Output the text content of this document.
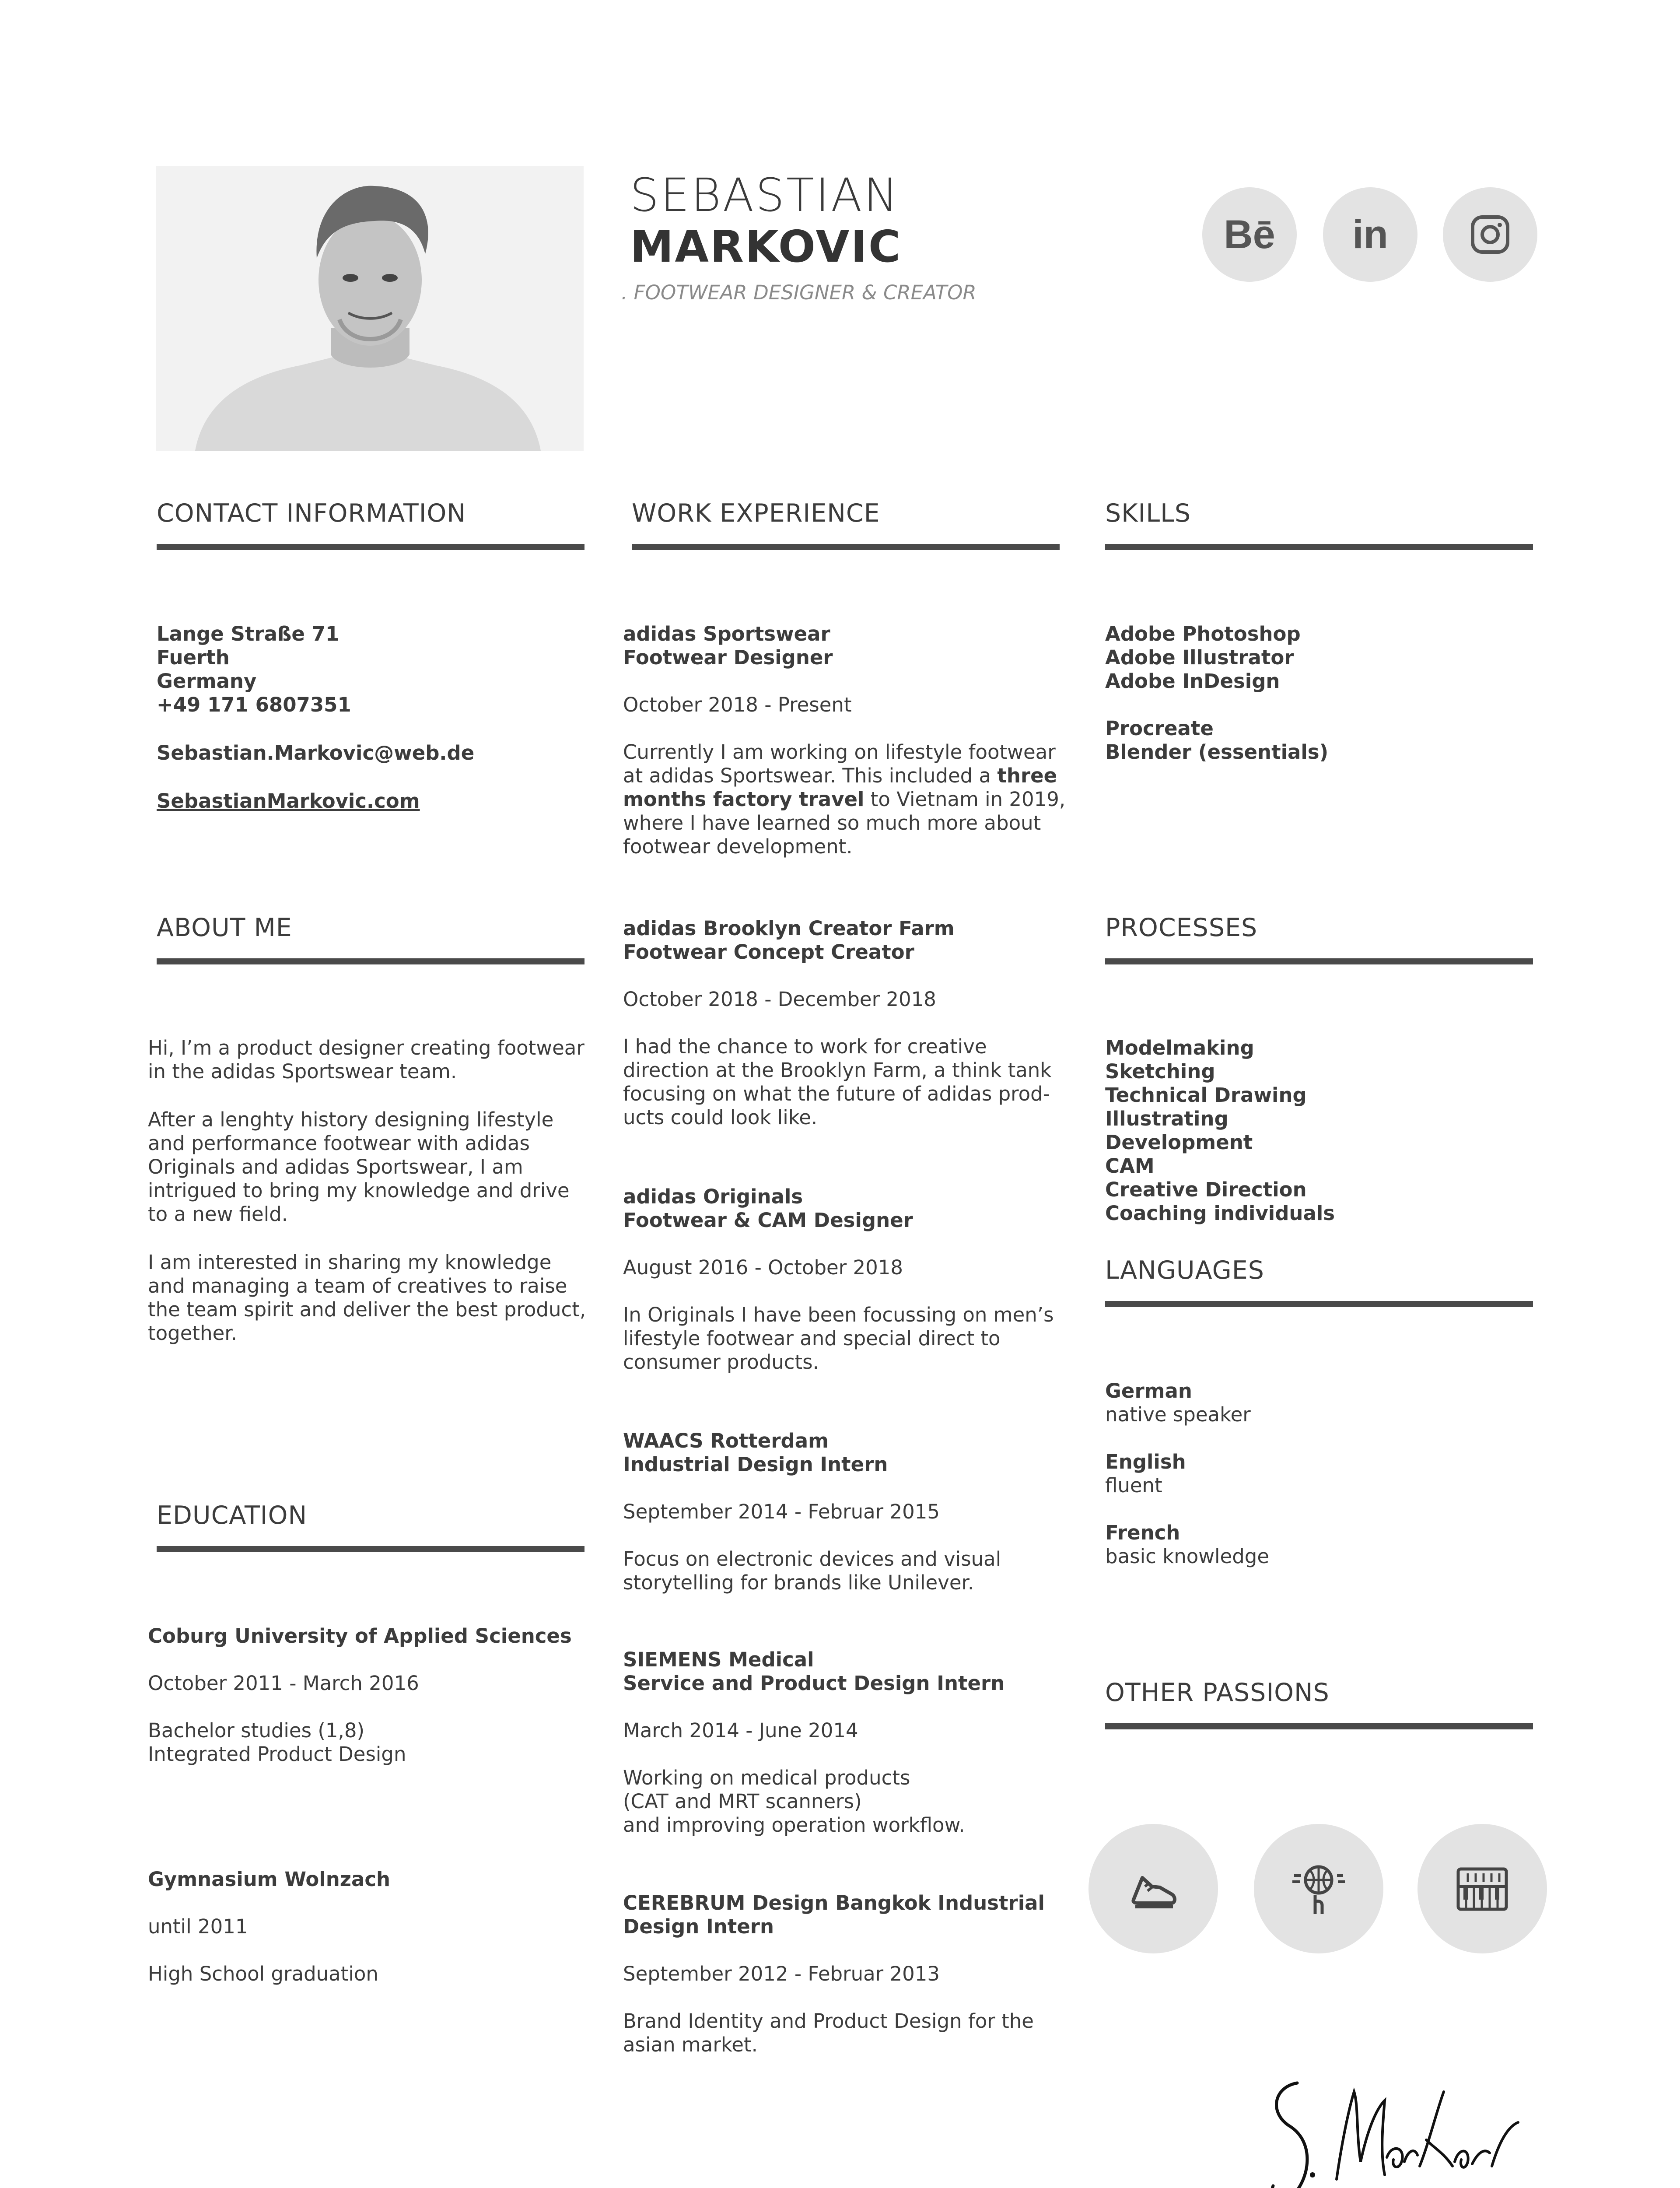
SEBASTIAN
MARKOVIC
. FOOTWEAR DESIGNER & CREATOR
Bē in
CONTACT INFORMATION

Lange Straße 71

Fuerth

Germany

+49 171 6807351

Sebastian.Markovic@web.de
SebastianMarkovic.com
ABOUT ME

Hi, I’m a product designer creating footwear

in the adidas Sportswear team.

After a lenghty history designing lifestyle

and performance footwear with adidas

Originals and adidas Sportswear, I am

intrigued to bring my knowledge and drive

to a new field.

I am interested in sharing my knowledge

and managing a team of creatives to raise

the team spirit and deliver the best product,

together.

EDUCATION

Coburg University of Applied Sciences

October 2011 - March 2016

Bachelor studies (1,8)

Integrated Product Design

Gymnasium Wolnzach

until 2011

High School graduation

WORK EXPERIENCE

adidas Sportswear

Footwear Designer

October 2018 - Present

Currently I am working on lifestyle footwear

at adidas Sportswear. This included a three

months factory travel to Vietnam in 2019,

where I have learned so much more about

footwear development.

adidas Brooklyn Creator Farm

Footwear Concept Creator

October 2018 - December 2018

I had the chance to work for creative

direction at the Brooklyn Farm, a think tank

focusing on what the future of adidas prod-

ucts could look like.

adidas Originals

Footwear & CAM Designer

August 2016 - October 2018

In Originals I have been focussing on men’s

lifestyle footwear and special direct to

consumer products.

WAACS Rotterdam

Industrial Design Intern

September 2014 - Februar 2015

Focus on electronic devices and visual

storytelling for brands like Unilever.

SIEMENS Medical

Service and Product Design Intern

March 2014 - June 2014

Working on medical products

(CAT and MRT scanners)

and improving operation workflow.

CEREBRUM Design Bangkok Industrial

Design Intern

September 2012 - Februar 2013

Brand Identity and Product Design for the

asian market.

SKILLS

Adobe Photoshop

Adobe Illustrator

Adobe InDesign

Procreate

Blender (essentials)

PROCESSES

Modelmaking

Sketching

Technical Drawing

Illustrating

Development

CAM

Creative Direction

Coaching individuals

LANGUAGES

German

native speaker

English

fluent

French

basic knowledge

OTHER PASSIONS
